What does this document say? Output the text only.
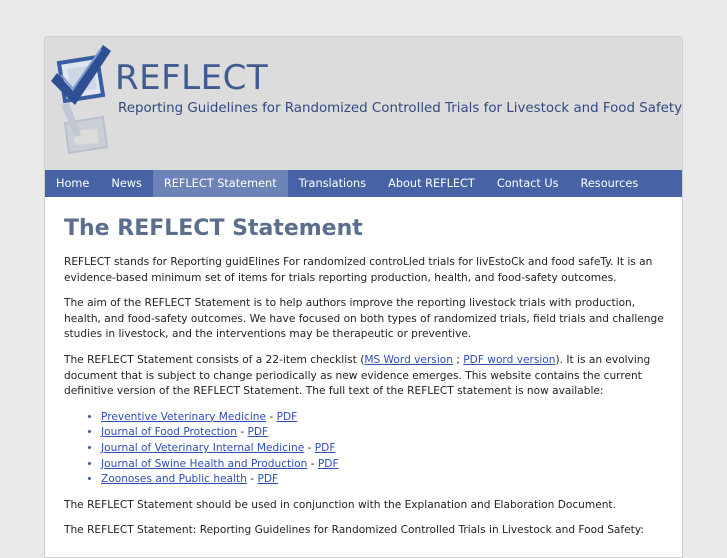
REFLECT
Reporting Guidelines for Randomized Controlled Trials for Livestock and Food Safety
Home	News	REFLECT Statement	Translations	About REFLECT	Contact Us	Resources
The REFLECT Statement

REFLECT stands for Reporting guidElines For randomized controLled trials for livEstoCk and food safeTy. It is an evidence-based minimum set of items for trials reporting production, health, and food-safety outcomes.

The aim of the REFLECT Statement is to help authors improve the reporting livestock trials with production, health, and food-safety outcomes. We have focused on both types of randomized trials, field trials and challenge studies in livestock, and the interventions may be therapeutic or preventive.

The REFLECT Statement consists of a 22-item checklist (MS Word version ; PDF word version). It is an evolving document that is subject to change periodically as new evidence emerges. This website contains the current definitive version of the REFLECT Statement. The full text of the REFLECT statement is now available:

• Preventive Veterinary Medicine - PDF
• Journal of Food Protection - PDF
• Journal of Veterinary Internal Medicine - PDF
• Journal of Swine Health and Production - PDF
• Zoonoses and Public health - PDF

The REFLECT Statement should be used in conjunction with the Explanation and Elaboration Document.

The REFLECT Statement: Reporting Guidelines for Randomized Controlled Trials in Livestock and Food Safety:
